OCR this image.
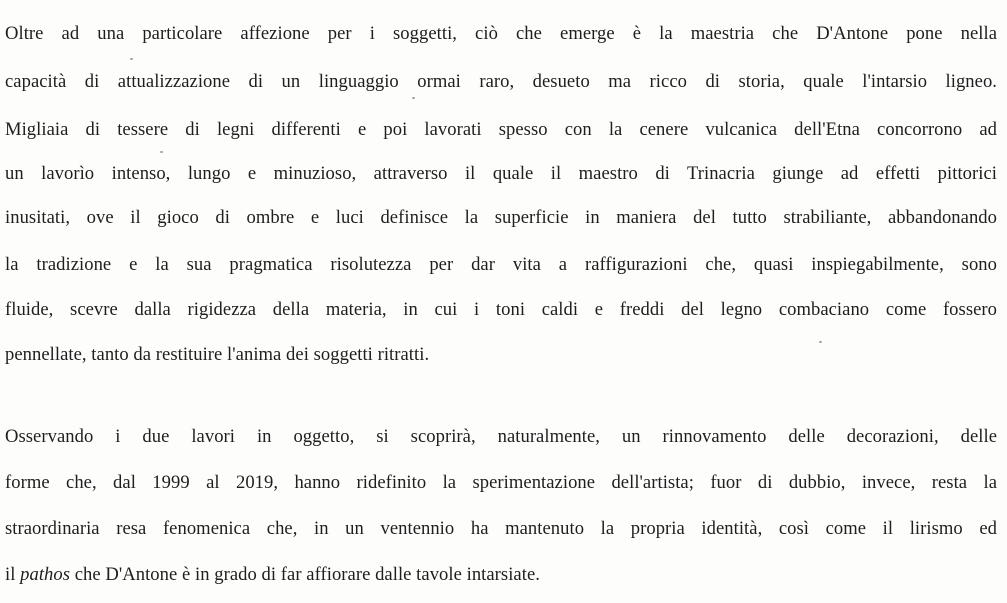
Oltre ad una particolare affezione per i soggetti, ciò che emerge è la maestria che D'Antone pone nella
capacità di attualizzazione di un linguaggio ormai raro, desueto ma ricco di storia, quale l'intarsio ligneo.
Migliaia di tessere di legni differenti e poi lavorati spesso con la cenere vulcanica dell'Etna concorrono ad
un lavorìo intenso, lungo e minuzioso, attraverso il quale il maestro di Trinacria giunge ad effetti pittorici
inusitati, ove il gioco di ombre e luci definisce la superficie in maniera del tutto strabiliante, abbandonando
la tradizione e la sua pragmatica risolutezza per dar vita a raffigurazioni che, quasi inspiegabilmente, sono
fluide, scevre dalla rigidezza della materia, in cui i toni caldi e freddi del legno combaciano come fossero
pennellate, tanto da restituire l'anima dei soggetti ritratti.
Osservando i due lavori in oggetto, si scoprirà, naturalmente, un rinnovamento delle decorazioni, delle
forme che, dal 1999 al 2019, hanno ridefinito la sperimentazione dell'artista; fuor di dubbio, invece, resta la
straordinaria resa fenomenica che, in un ventennio ha mantenuto la propria identità, così come il lirismo ed
il pathos che D'Antone è in grado di far affiorare dalle tavole intarsiate.
